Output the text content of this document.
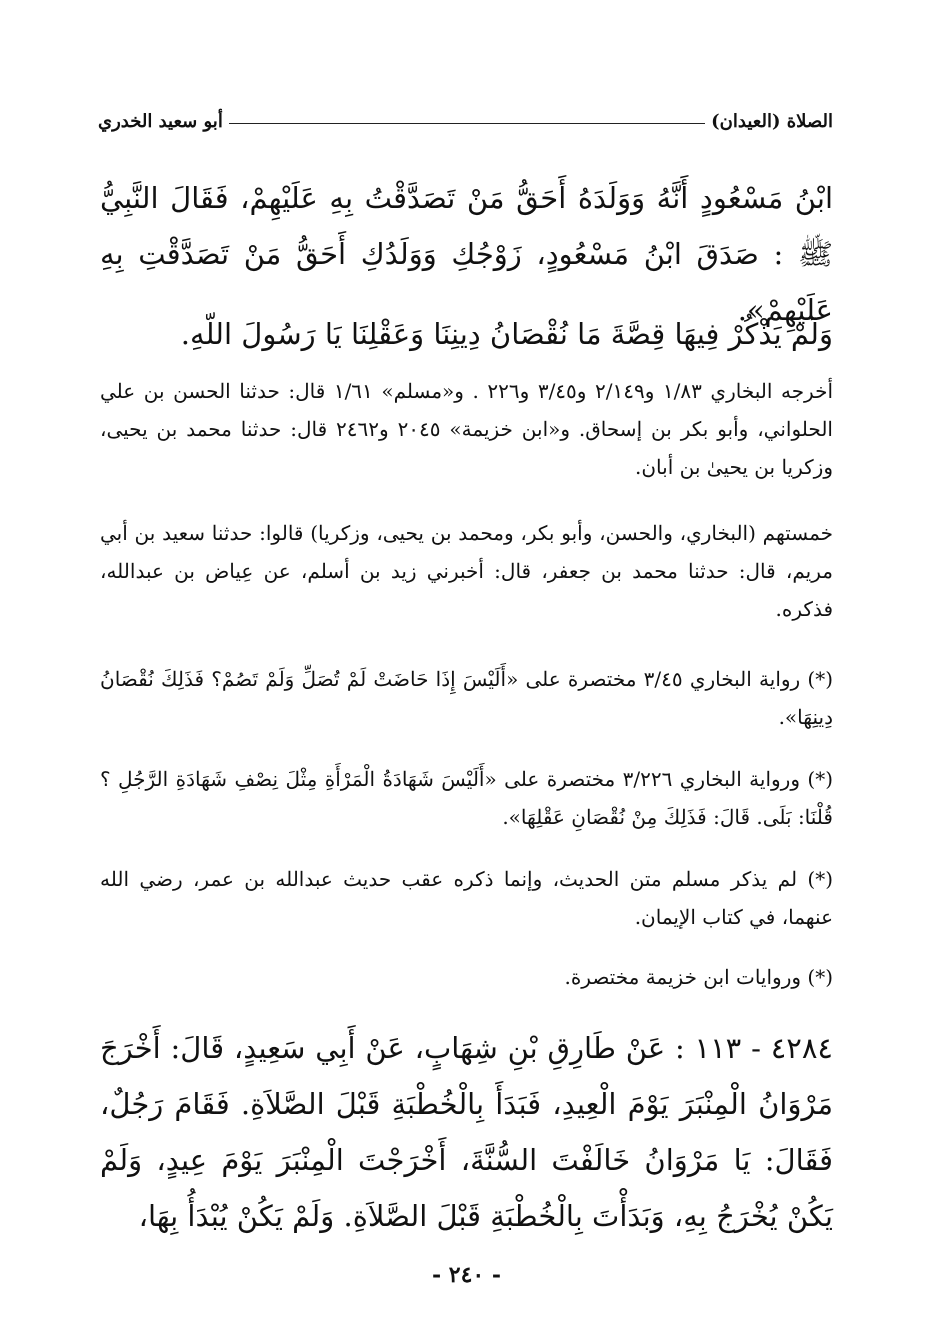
الصلاة (العيدان)
أبو سعيد الخدري

ابْنُ مَسْعُودٍ أَنَّهُ وَوَلَدَهُ أَحَقُّ مَنْ تَصَدَّقْتُ بِهِ عَلَيْهِمْ، فَقَالَ النَّبِيُّ ﷺ : صَدَقَ ابْنُ مَسْعُودٍ، زَوْجُكِ وَوَلَدُكِ أَحَقُّ مَنْ تَصَدَّقْتِ بِهِ عَلَيْهِمْ».

وَلَمْ يَذْكُرْ فِيهَا قِصَّةَ مَا نُقْصَانُ دِينِنَا وَعَقْلِنَا يَا رَسُولَ اللّهِ.

أخرجه البخاري ١/٨٣ و٢/١٤٩ و٣/٤٥ و٢٢٦ . و«مسلم» ١/٦١ قال: حدثنا الحسن بن علي الحلواني، وأبو بكر بن إسحاق. و«ابن خزيمة» ٢٠٤٥ و٢٤٦٢ قال: حدثنا محمد بن يحيى، وزكريا بن يحيىٰ بن أبان.

خمستهم (البخاري، والحسن، وأبو بكر، ومحمد بن يحيى، وزكريا) قالوا: حدثنا سعيد بن أبي مريم، قال: حدثنا محمد بن جعفر، قال: أخبرني زيد بن أسلم، عن عِياض بن عبدالله، فذكره.

(*) رواية البخاري ٣/٤٥ مختصرة على «أَلَيْسَ إِذَا حَاضَتْ لَمْ تُصَلِّ وَلَمْ تَصُمْ؟ فَذَلِكَ نُقْصَانُ دِينِهَا».

(*) ورواية البخاري ٣/٢٢٦ مختصرة على «أَلَيْسَ شَهَادَةُ الْمَرْأَةِ مِثْلَ نِصْفِ شَهَادَةِ الرَّجُلِ ؟ قُلْنَا: بَلَى. قَالَ: فَذَلِكَ مِنْ نُقْصَانِ عَقْلِهَا».

(*) لم يذكر مسلم متن الحديث، وإنما ذكره عقب حديث عبدالله بن عمر، رضي الله عنهما، في كتاب الإيمان.

(*) وروايات ابن خزيمة مختصرة.

٤٢٨٤ - ١١٣ : عَنْ طَارِقِ بْنِ شِهَابٍ، عَنْ أَبِي سَعِيدٍ، قَالَ: أَخْرَجَ مَرْوَانُ الْمِنْبَرَ يَوْمَ الْعِيدِ، فَبَدَأَ بِالْخُطْبَةِ قَبْلَ الصَّلاَةِ. فَقَامَ رَجُلٌ، فَقَالَ: يَا مَرْوَانُ خَالَفْتَ السُّنَّةَ، أَخْرَجْتَ الْمِنْبَرَ يَوْمَ عِيدٍ، وَلَمْ يَكُنْ يُخْرَجُ بِهِ، وَبَدَأْتَ بِالْخُطْبَةِ قَبْلَ الصَّلاَةِ. وَلَمْ يَكُنْ يُبْدَأُ بِهَا،

- ٢٤٠ -
